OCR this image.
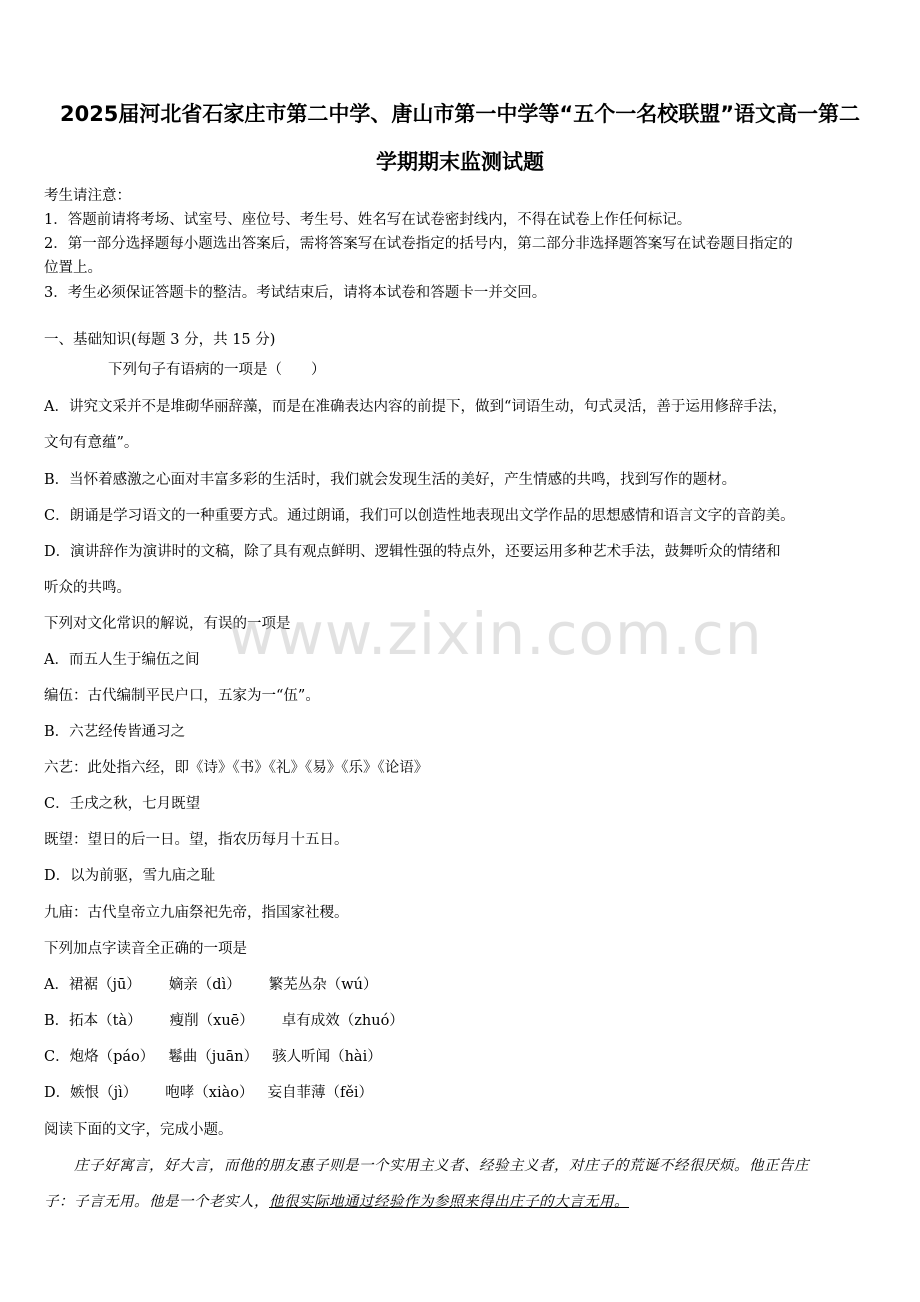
2025届河北省石家庄市第二中学、唐山市第一中学等“五个一名校联盟”语文高一第二
学期期末监测试题
考生请注意：
1．答题前请将考场、试室号、座位号、考生号、姓名写在试卷密封线内，不得在试卷上作任何标记。
2．第一部分选择题每小题选出答案后，需将答案写在试卷指定的括号内，第二部分非选择题答案写在试卷题目指定的
位置上。
3．考生必须保证答题卡的整洁。考试结束后，请将本试卷和答题卡一并交回。
一、基础知识(每题 3 分，共 15 分)
下列句子有语病的一项是（　　）
A．讲究文采并不是堆砌华丽辞藻，而是在准确表达内容的前提下，做到“词语生动，句式灵活，善于运用修辞手法，
文句有意蕴”。
B．当怀着感激之心面对丰富多彩的生活时，我们就会发现生活的美好，产生情感的共鸣，找到写作的题材。
C．朗诵是学习语文的一种重要方式。通过朗诵，我们可以创造性地表现出文学作品的思想感情和语言文字的音韵美。
D．演讲辞作为演讲时的文稿，除了具有观点鲜明、逻辑性强的特点外，还要运用多种艺术手法，鼓舞听众的情绪和
听众的共鸣。
下列对文化常识的解说，有误的一项是
A．而五人生于编伍之间
编伍：古代编制平民户口，五家为一“伍”。
B．六艺经传皆通习之
六艺：此处指六经，即《诗》《书》《礼》《易》《乐》《论语》
C．壬戌之秋，七月既望
既望：望日的后一日。望，指农历每月十五日。
D．以为前驱，雪九庙之耻
九庙：古代皇帝立九庙祭祀先帝，指国家社稷。
下列加点字读音全正确的一项是
A．裙裾（jū） 嫡亲（dì） 繁芜丛杂（wú）
B．拓本（tà） 瘦削（xuē） 卓有成效（zhuó）
C．炮烙（páo） 鬈曲（juān） 骇人听闻（hài）
D．嫉恨（jì） 咆哮（xiào） 妄自菲薄（fěi）
阅读下面的文字，完成小题。
庄子好寓言，好大言，而他的朋友惠子则是一个实用主义者、经验主义者，对庄子的荒诞不经很厌烦。他正告庄
子：子言无用。他是一个老实人，他很实际地通过经验作为参照来得出庄子的大言无用。
www.zixin.com.cn
